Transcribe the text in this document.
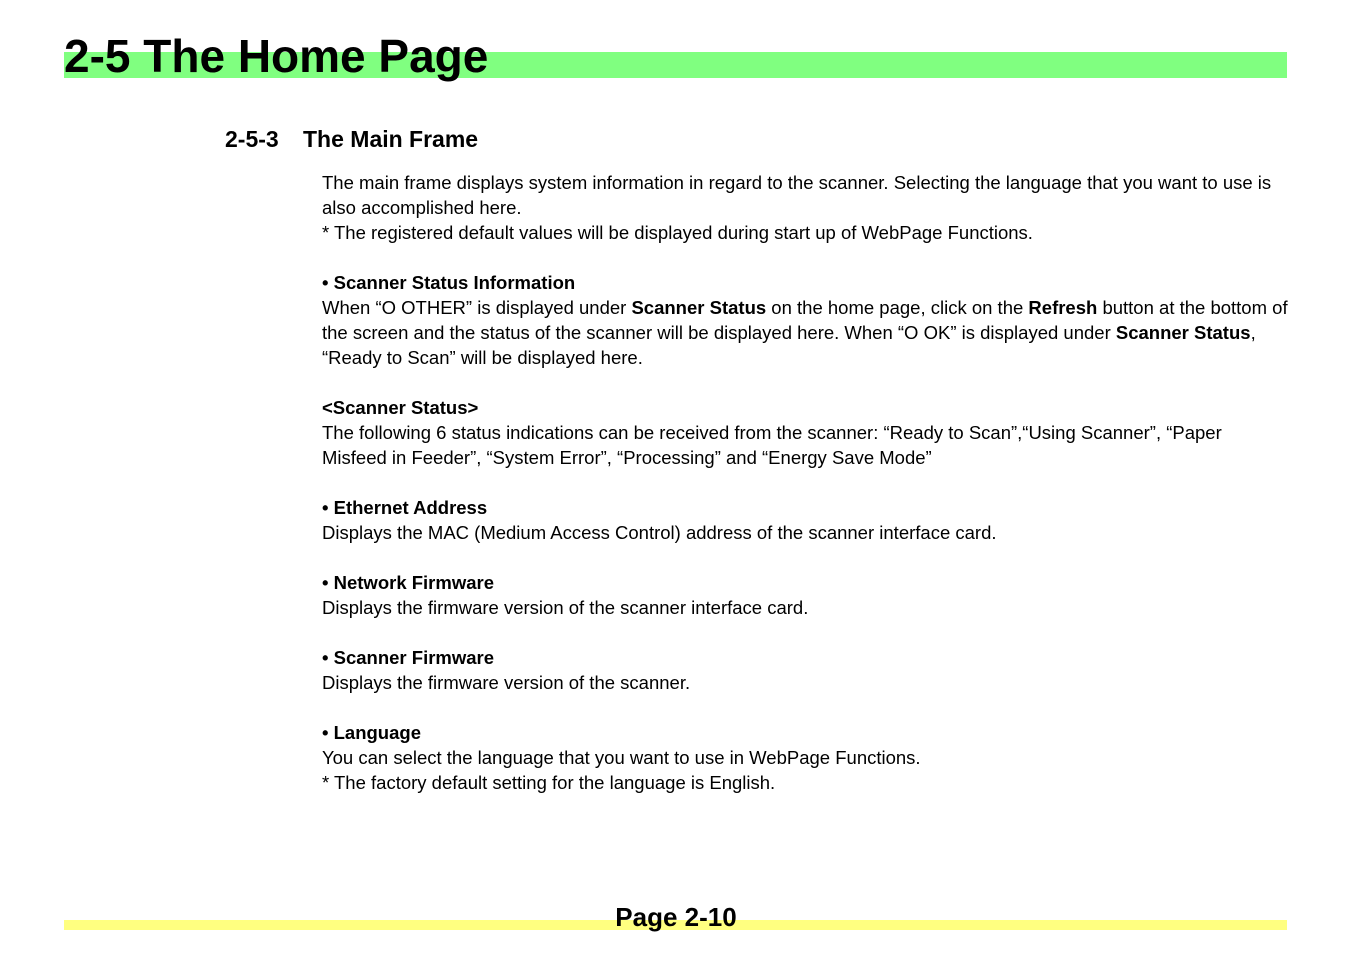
2-5 The Home Page
2-5-3 The Main Frame

The main frame displays system information in regard to the scanner. Selecting the language that you want to use is also accomplished here.

* The registered default values will be displayed during start up of WebPage Functions.

• Scanner Status Information

When “O OTHER” is displayed under Scanner Status on the home page, click on the Refresh button at the bottom of the screen and the status of the scanner will be displayed here. When “O OK” is displayed under Scanner Status, “Ready to Scan” will be displayed here.

<Scanner Status>

The following 6 status indications can be received from the scanner: “Ready to Scan”,“Using Scanner”, “Paper Misfeed in Feeder”, “System Error”, “Processing” and “Energy Save Mode”

• Ethernet Address

Displays the MAC (Medium Access Control) address of the scanner interface card.

• Network Firmware

Displays the firmware version of the scanner interface card.

• Scanner Firmware

Displays the firmware version of the scanner.

• Language

You can select the language that you want to use in WebPage Functions.

* The factory default setting for the language is English.

Page 2-10
